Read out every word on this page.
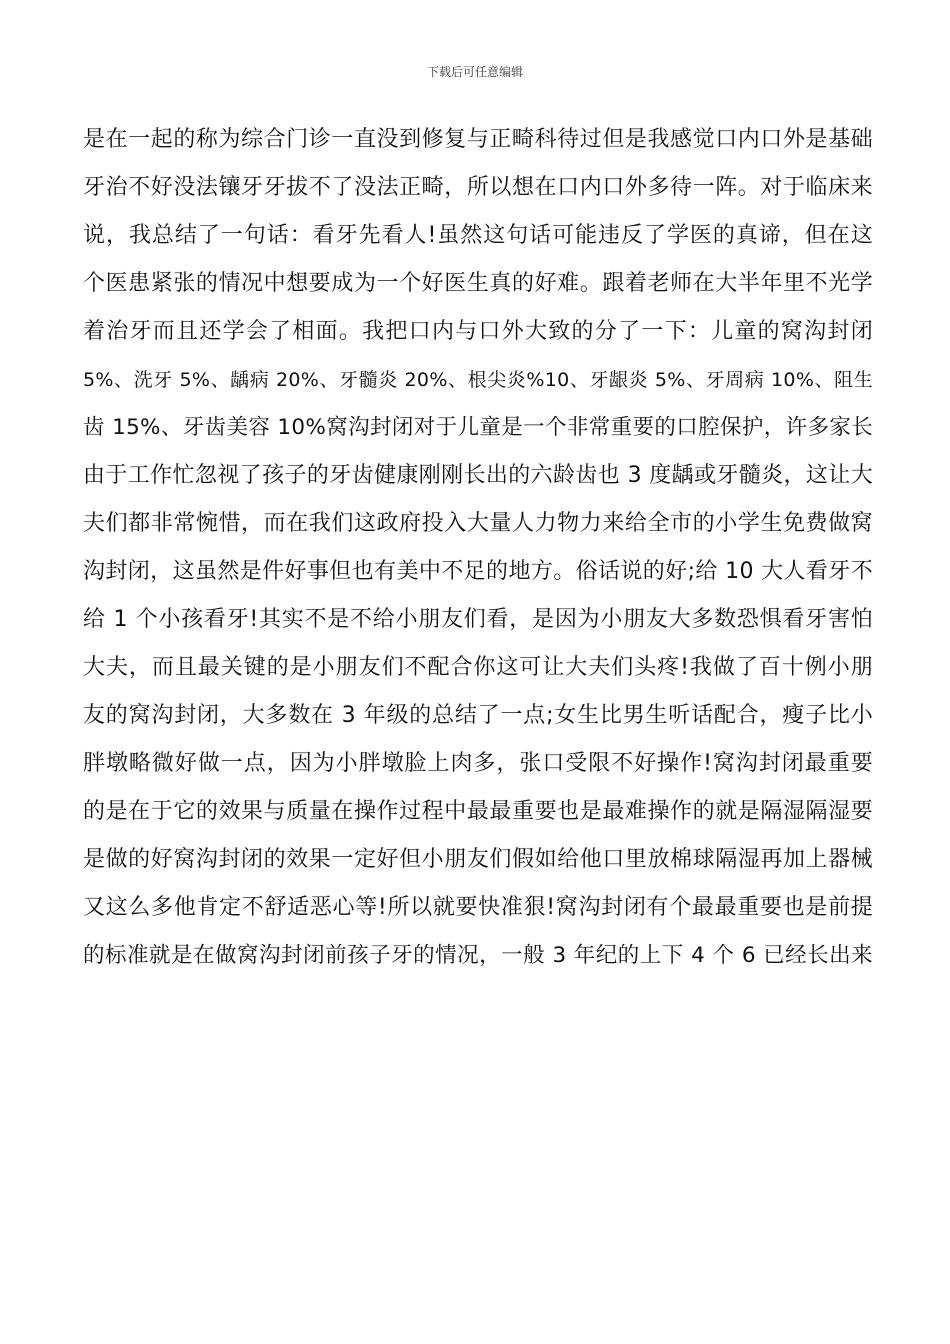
下载后可任意编辑
是在一起的称为综合门诊一直没到修复与正畸科待过但是我感觉口内口外是基础
牙治不好没法镶牙牙拔不了没法正畸，所以想在口内口外多待一阵。对于临床来
说，我总结了一句话：看牙先看人!虽然这句话可能违反了学医的真谛，但在这
个医患紧张的情况中想要成为一个好医生真的好难。跟着老师在大半年里不光学
着治牙而且还学会了相面。我把口内与口外大致的分了一下：儿童的窝沟封闭
5%、洗牙 5%、龋病 20%、牙髓炎 20%、根尖炎%10、牙龈炎 5%、牙周病 10%、阻生
齿 15%、牙齿美容 10%窝沟封闭对于儿童是一个非常重要的口腔保护，许多家长
由于工作忙忽视了孩子的牙齿健康刚刚长出的六龄齿也 3 度龋或牙髓炎，这让大
夫们都非常惋惜，而在我们这政府投入大量人力物力来给全市的小学生免费做窝
沟封闭，这虽然是件好事但也有美中不足的地方。俗话说的好;给 10 大人看牙不
给 1 个小孩看牙!其实不是不给小朋友们看，是因为小朋友大多数恐惧看牙害怕
大夫，而且最关键的是小朋友们不配合你这可让大夫们头疼!我做了百十例小朋
友的窝沟封闭，大多数在 3 年级的总结了一点;女生比男生听话配合，瘦子比小
胖墩略微好做一点，因为小胖墩脸上肉多，张口受限不好操作!窝沟封闭最重要
的是在于它的效果与质量在操作过程中最最重要也是最难操作的就是隔湿隔湿要
是做的好窝沟封闭的效果一定好但小朋友们假如给他口里放棉球隔湿再加上器械
又这么多他肯定不舒适恶心等!所以就要快准狠!窝沟封闭有个最最重要也是前提
的标准就是在做窝沟封闭前孩子牙的情况，一般 3 年纪的上下 4 个 6 已经长出来
